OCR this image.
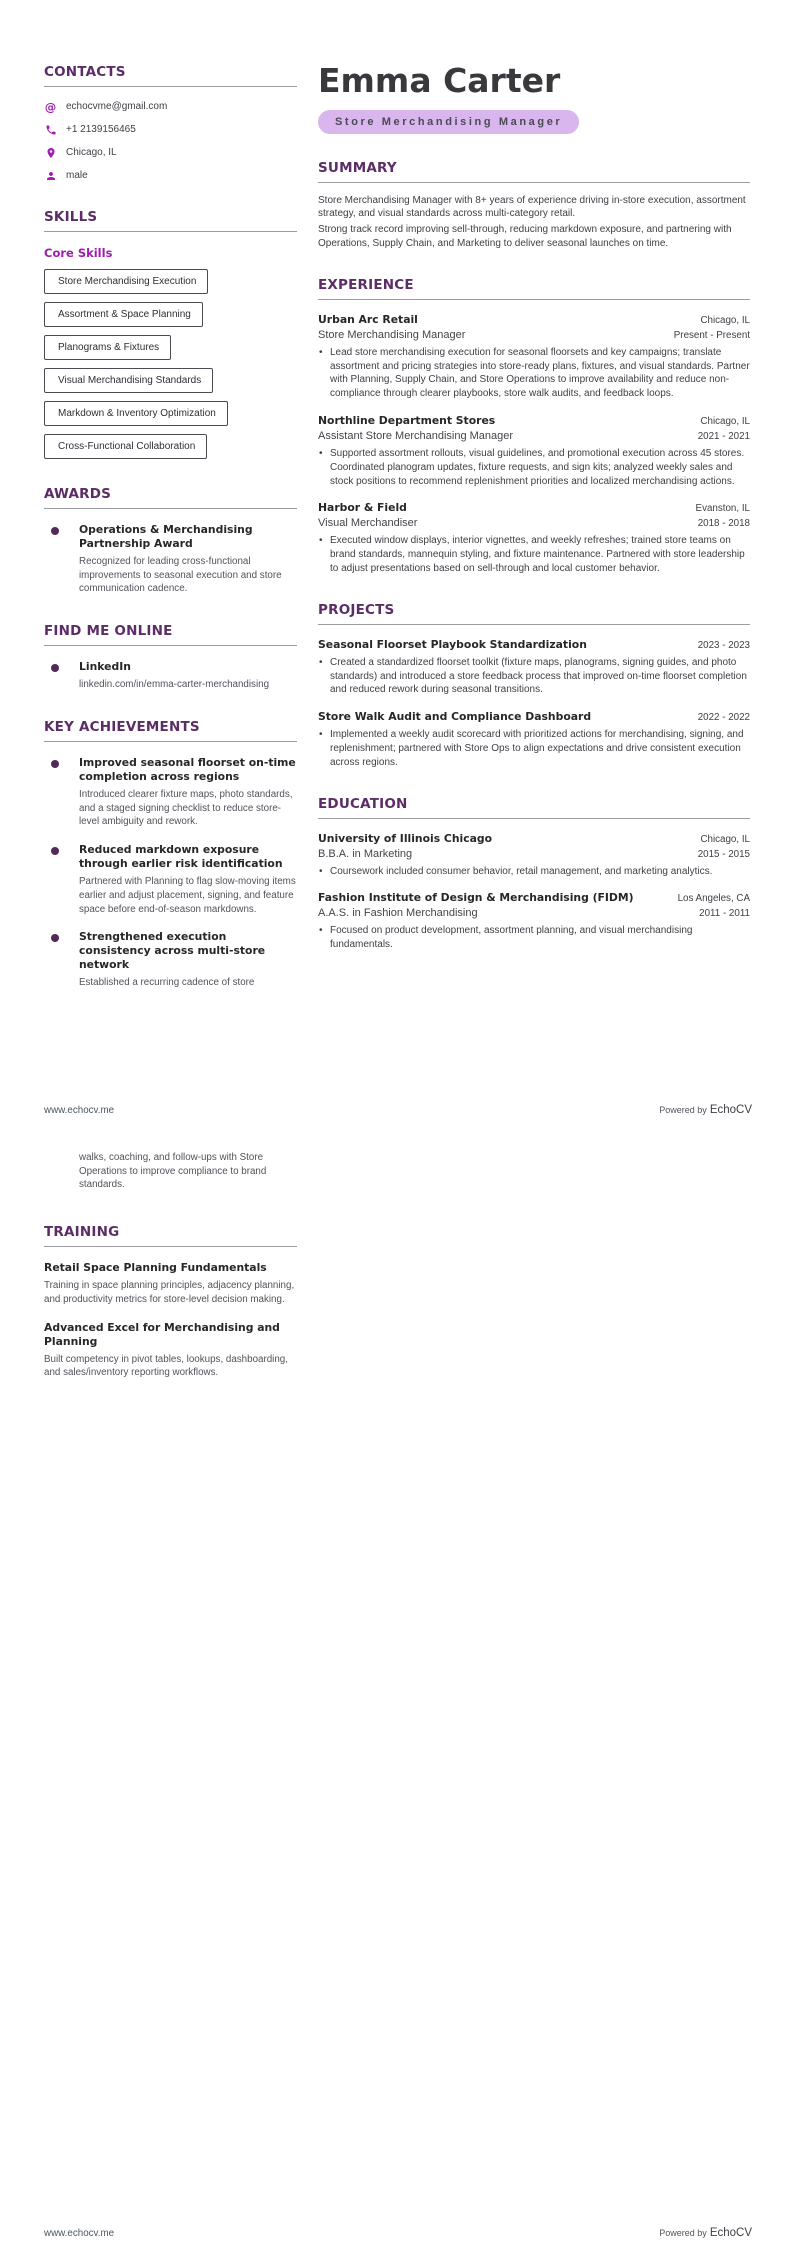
CONTACTS
@ echocvme@gmail.com
+1 2139156465
Chicago, IL
male
SKILLS
Core Skills
Store Merchandising Execution
Assortment & Space Planning
Planograms & Fixtures
Visual Merchandising Standards
Markdown & Inventory Optimization
Cross-Functional Collaboration
AWARDS
Operations & Merchandising Partnership Award
Recognized for leading cross-functional improvements to seasonal execution and store communication cadence.
FIND ME ONLINE
LinkedIn
linkedin.com/in/emma-carter-merchandising
KEY ACHIEVEMENTS
Improved seasonal floorset on-time completion across regions
Introduced clearer fixture maps, photo standards, and a staged signing checklist to reduce store-level ambiguity and rework.
Reduced markdown exposure through earlier risk identification
Partnered with Planning to flag slow-moving items earlier and adjust placement, signing, and feature space before end-of-season markdowns.
Strengthened execution consistency across multi-store network
Established a recurring cadence of store
Emma Carter
Store Merchandising Manager
SUMMARY

Store Merchandising Manager with 8+ years of experience driving in-store execution, assortment strategy, and visual standards across multi-category retail.

Strong track record improving sell-through, reducing markdown exposure, and partnering with Operations, Supply Chain, and Marketing to deliver seasonal launches on time.

EXPERIENCE
Urban Arc Retail	Chicago, IL
Store Merchandising Manager	Present - Present
• Lead store merchandising execution for seasonal floorsets and key campaigns; translate assortment and pricing strategies into store-ready plans, fixtures, and visual standards. Partner with Planning, Supply Chain, and Store Operations to improve availability and reduce non-compliance through clearer playbooks, store walk audits, and feedback loops.
Northline Department Stores	Chicago, IL
Assistant Store Merchandising Manager	2021 - 2021
• Supported assortment rollouts, visual guidelines, and promotional execution across 45 stores. Coordinated planogram updates, fixture requests, and sign kits; analyzed weekly sales and stock positions to recommend replenishment priorities and localized merchandising actions.
Harbor & Field	Evanston, IL
Visual Merchandiser	2018 - 2018
• Executed window displays, interior vignettes, and weekly refreshes; trained store teams on brand standards, mannequin styling, and fixture maintenance. Partnered with store leadership to adjust presentations based on sell-through and local customer behavior.
PROJECTS
Seasonal Floorset Playbook Standardization	2023 - 2023
• Created a standardized floorset toolkit (fixture maps, planograms, signing guides, and photo standards) and introduced a store feedback process that improved on-time floorset completion and reduced rework during seasonal transitions.
Store Walk Audit and Compliance Dashboard	2022 - 2022
• Implemented a weekly audit scorecard with prioritized actions for merchandising, signing, and replenishment; partnered with Store Ops to align expectations and drive consistent execution across regions.
EDUCATION
University of Illinois Chicago	Chicago, IL
B.B.A. in Marketing	2015 - 2015
• Coursework included consumer behavior, retail management, and marketing analytics.
Fashion Institute of Design & Merchandising (FIDM)	Los Angeles, CA
A.A.S. in Fashion Merchandising	2011 - 2011
• Focused on product development, assortment planning, and visual merchandising fundamentals.
www.echocv.me	Powered by EchoCV

walks, coaching, and follow-ups with Store Operations to improve compliance to brand standards.

TRAINING
Retail Space Planning Fundamentals
Training in space planning principles, adjacency planning, and productivity metrics for store-level decision making.
Advanced Excel for Merchandising and Planning
Built competency in pivot tables, lookups, dashboarding, and sales/inventory reporting workflows.
www.echocv.me	Powered by EchoCV
